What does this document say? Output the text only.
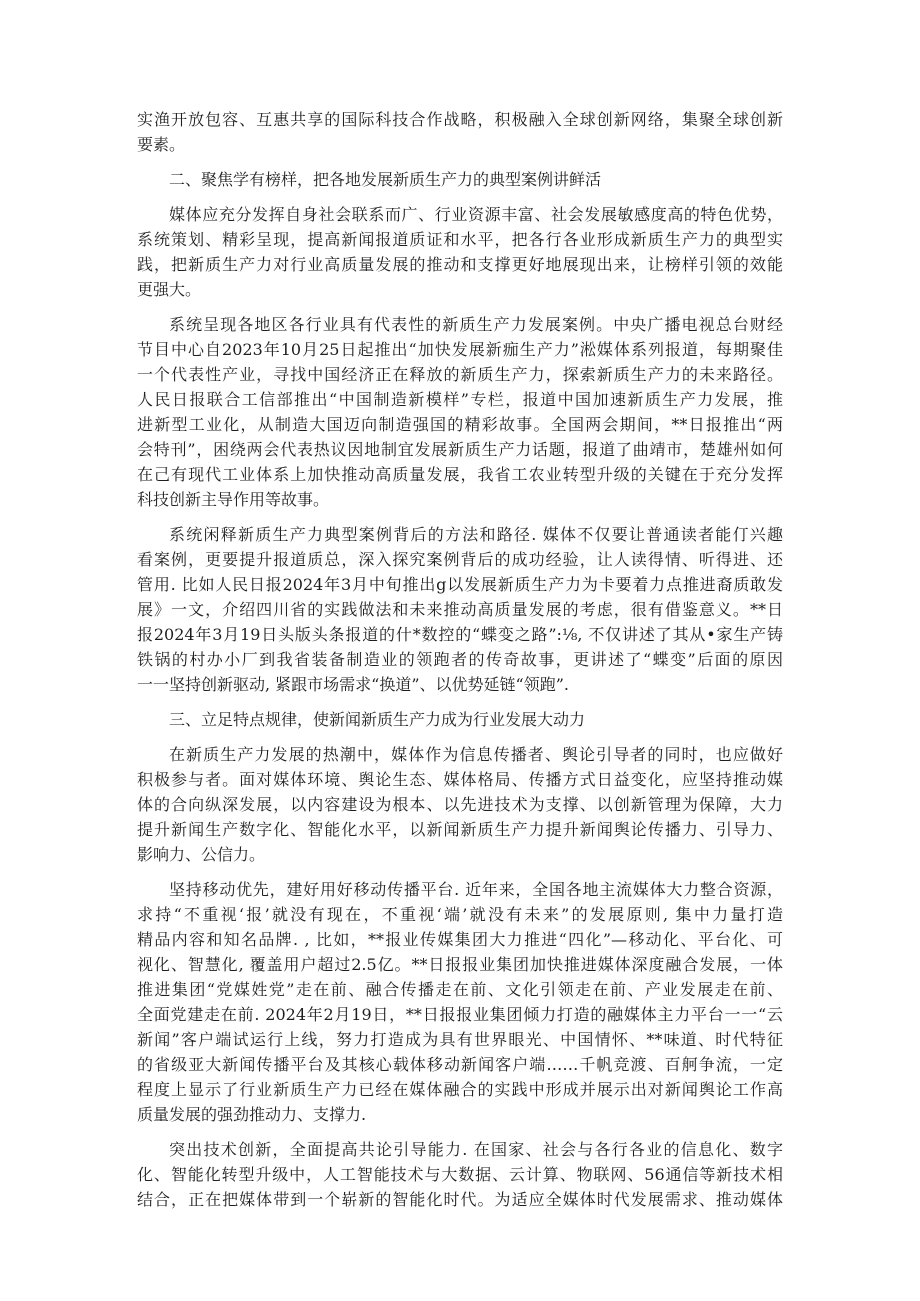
实渔开放包容、互惠共享的国际科技合作战略，积极融入全球创新网络，集聚全球创新
要素。
二、聚焦学有榜样，把各地发展新质生产力的典型案例讲鲜活
媒体应充分发挥自身社会联系而广、行业资源丰富、社会发展敏感度高的特色优势，
系统策划、精彩呈现，提高新闻报道质证和水平，把各行各业形成新质生产力的典型实
践，把新质生产力对行业高质量发展的推动和支撑更好地展现出来，让榜样引领的效能
更强大。
系统呈现各地区各行业具有代表性的新质生产力发展案例。中央广播电视总台财经
节目中心自2023年10月25日起推出“加快发展新痂生产力”淞媒体系列报道，每期聚佳
一个代表性产业，寻找中国经济正在释放的新质生产力，探索新质生产力的未来路径。
人民日报联合工信部推出“中国制造新模样”专栏，报道中国加速新质生产力发展，推
进新型工业化，从制造大国迈向制造强国的精彩故事。全国两会期间，**日报推出“两
会特刊”，困绕两会代表热议因地制宜发展新质生产力话题，报道了曲靖市，楚雄州如何
在己有现代工业体系上加快推动高质量发展，我省工农业转型升级的关键在于充分发挥
科技创新主导作用等故事。
系统闲释新质生产力典型案例背后的方法和路径. 媒体不仅要让普通读者能仃兴趣
看案例，更要提升报道质总，深入探究案例背后的成功经验，让人读得情、听得进、还
管用. 比如人民日报2024年3月中旬推出g以发展新质生产力为卡要着力点推进裔质敢发
展》一文，介绍四川省的实践做法和未来推动高质量发展的考虑，很有借鉴意义。**日
报2024年3月19日头版头条报道的什*数控的“蝶变之路”:⅛, 不仅讲述了其从•家生产铸
铁锅的村办小厂到我省装备制造业的领跑者的传奇故事，更讲述了“蝶变”后面的原因
一一坚持创新驱动, 紧跟市场需求“换道”、以优势延链“领跑”.
三、立足特点规律，使新闻新质生产力成为行业发展大动力
在新质生产力发展的热潮中，媒体作为信息传播者、舆论引导者的同时，也应做好
积极参与者。面对媒体环境、舆论生态、媒体格局、传播方式日益变化，应坚持推动媒
体的合向纵深发展，以内容建设为根本、以先进技术为支撑、以创新管理为保障，大力
提升新闻生产数字化、智能化水平，以新闻新质生产力提升新闻舆论传播力、引导力、
影响力、公信力。
坚持移动优先，建好用好移动传播平台. 近年来，全国各地主流媒体大力整合资源，
求持“不重视‘报’就没有现在，不重视‘端’就没有未来”的发展原则, 集中力量打造
精品内容和知名品牌. , 比如，**报业传媒集团大力推进“四化”—移动化、平台化、可
视化、智慧化, 覆盖用户超过2.5亿。**日报报业集团加快推进媒体深度融合发展，一体
推进集团“党媒姓党”走在前、融合传播走在前、文化引领走在前、产业发展走在前、
全面党建走在前. 2024年2月19日，**日报报业集团倾力打造的融媒体主力平台一一“云
新闻”客户端试运行上线，努力打造成为具有世界眼光、中国情怀、**味道、时代特征
的省级亚大新闻传播平台及其核心载体移动新闻客户端……千帆竞渡、百舸争流，一定
程度上显示了行业新质生产力已经在媒体融合的实践中形成并展示出对新闻舆论工作高
质量发展的强劲推动力、支撑力.
突出技术创新，全面提高共论引导能力. 在国家、社会与各行各业的信息化、数字
化、智能化转型升级中，人工智能技术与大数据、云计算、物联网、56通信等新技术相
结合，正在把媒体带到一个崭新的智能化时代。为适应全媒体时代发展需求、推动媒体
